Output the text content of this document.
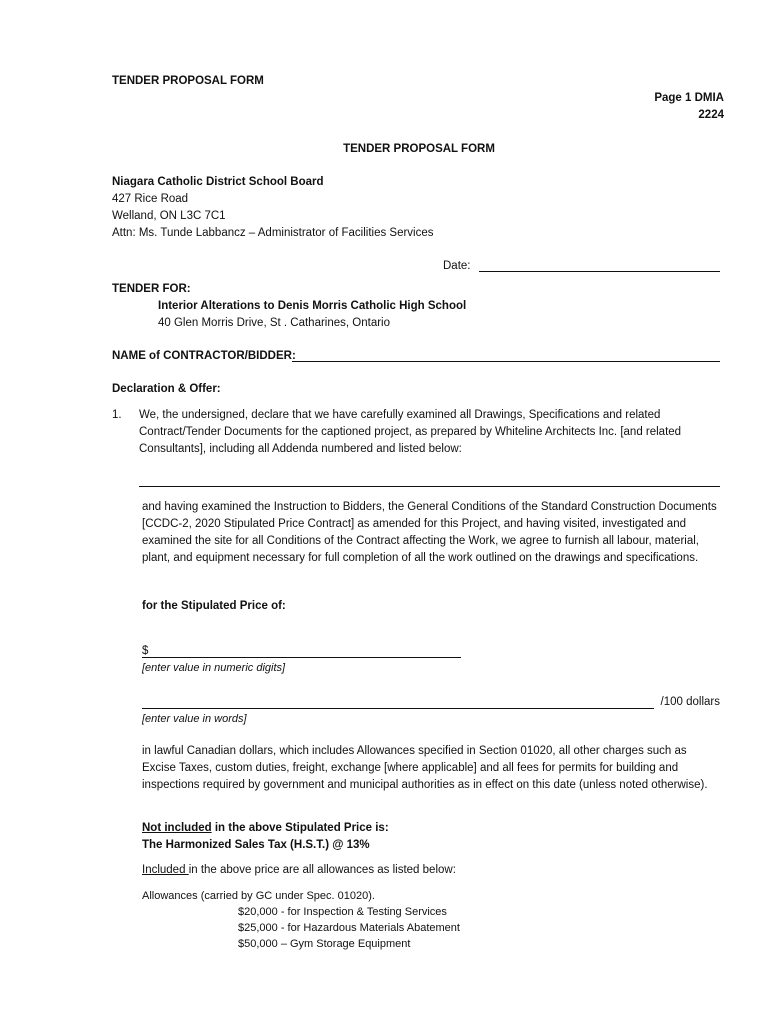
TENDER PROPOSAL FORM
Page 1 DMIA
2224
TENDER PROPOSAL FORM
Niagara Catholic District School Board
427 Rice Road
Welland, ON L3C 7C1
Attn: Ms. Tunde Labbancz – Administrator of Facilities Services
Date:
TENDER FOR:
Interior Alterations to Denis Morris Catholic High School
40 Glen Morris Drive, St . Catharines, Ontario
NAME of CONTRACTOR/BIDDER:
Declaration & Offer:
1. We, the undersigned, declare that we have carefully examined all Drawings, Specifications and related Contract/Tender Documents for the captioned project, as prepared by Whiteline Architects Inc. [and related Consultants], including all Addenda numbered and listed below:
and having examined the Instruction to Bidders, the General Conditions of the Standard Construction Documents [CCDC-2, 2020 Stipulated Price Contract] as amended for this Project, and having visited, investigated and examined the site for all Conditions of the Contract affecting the Work, we agree to furnish all labour, material, plant, and equipment necessary for full completion of all the work outlined on the drawings and specifications.
for the Stipulated Price of:
$
[enter value in numeric digits]
/100 dollars
[enter value in words]
in lawful Canadian dollars, which includes Allowances specified in Section 01020, all other charges such as Excise Taxes, custom duties, freight, exchange [where applicable] and all fees for permits for building and inspections required by government and municipal authorities as in effect on this date (unless noted otherwise).
Not included in the above Stipulated Price is:
The Harmonized Sales Tax (H.S.T.) @ 13%
Included in the above price are all allowances as listed below:
Allowances (carried by GC under Spec. 01020).
$20,000 - for Inspection & Testing Services
$25,000 - for Hazardous Materials Abatement
$50,000 – Gym Storage Equipment
